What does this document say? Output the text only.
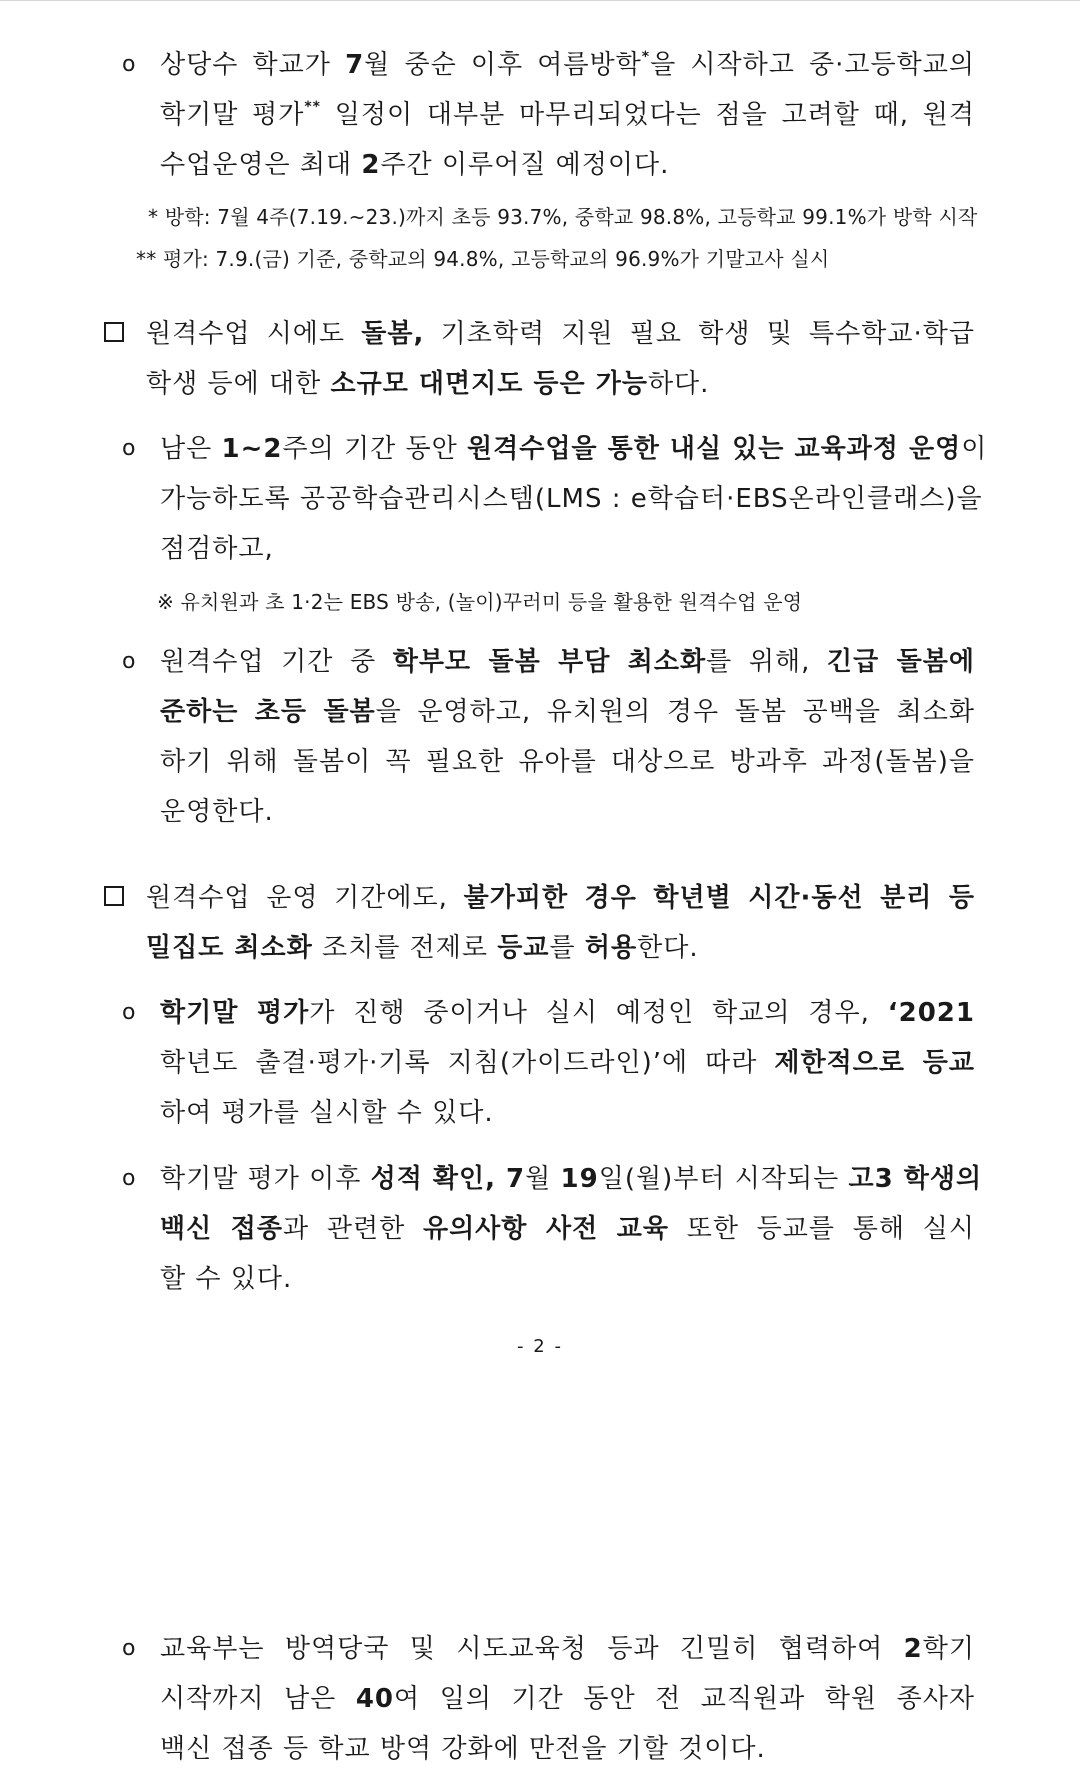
o 상당수 학교가 7월 중순 이후 여름방학*을 시작하고 중·고등학교의
학기말 평가** 일정이 대부분 마무리되었다는 점을 고려할 때, 원격
수업운영은 최대 2주간 이루어질 예정이다.
* 방학: 7월 4주(7.19.~23.)까지 초등 93.7%, 중학교 98.8%, 고등학교 99.1%가 방학 시작
** 평가: 7.9.(금) 기준, 중학교의 94.8%, 고등학교의 96.9%가 기말고사 실시
원격수업 시에도 돌봄, 기초학력 지원 필요 학생 및 특수학교·학급
학생 등에 대한 소규모 대면지도 등은 가능하다.
o 남은 1~2주의 기간 동안 원격수업을 통한 내실 있는 교육과정 운영이
가능하도록 공공학습관리시스템(LMS : e학습터·EBS온라인클래스)을
점검하고,
※ 유치원과 초 1·2는 EBS 방송, (놀이)꾸러미 등을 활용한 원격수업 운영
o 원격수업 기간 중 학부모 돌봄 부담 최소화를 위해, 긴급 돌봄에
준하는 초등 돌봄을 운영하고, 유치원의 경우 돌봄 공백을 최소화
하기 위해 돌봄이 꼭 필요한 유아를 대상으로 방과후 과정(돌봄)을
운영한다.
원격수업 운영 기간에도, 불가피한 경우 학년별 시간·동선 분리 등
밀집도 최소화 조치를 전제로 등교를 허용한다.
o 학기말 평가가 진행 중이거나 실시 예정인 학교의 경우, ‘2021
학년도 출결·평가·기록 지침(가이드라인)’에 따라 제한적으로 등교
하여 평가를 실시할 수 있다.
o 학기말 평가 이후 성적 확인, 7월 19일(월)부터 시작되는 고3 학생의
백신 접종과 관련한 유의사항 사전 교육 또한 등교를 통해 실시
할 수 있다.
- 2 -
o 교육부는 방역당국 및 시도교육청 등과 긴밀히 협력하여 2학기
시작까지 남은 40여 일의 기간 동안 전 교직원과 학원 종사자
백신 접종 등 학교 방역 강화에 만전을 기할 것이다.
